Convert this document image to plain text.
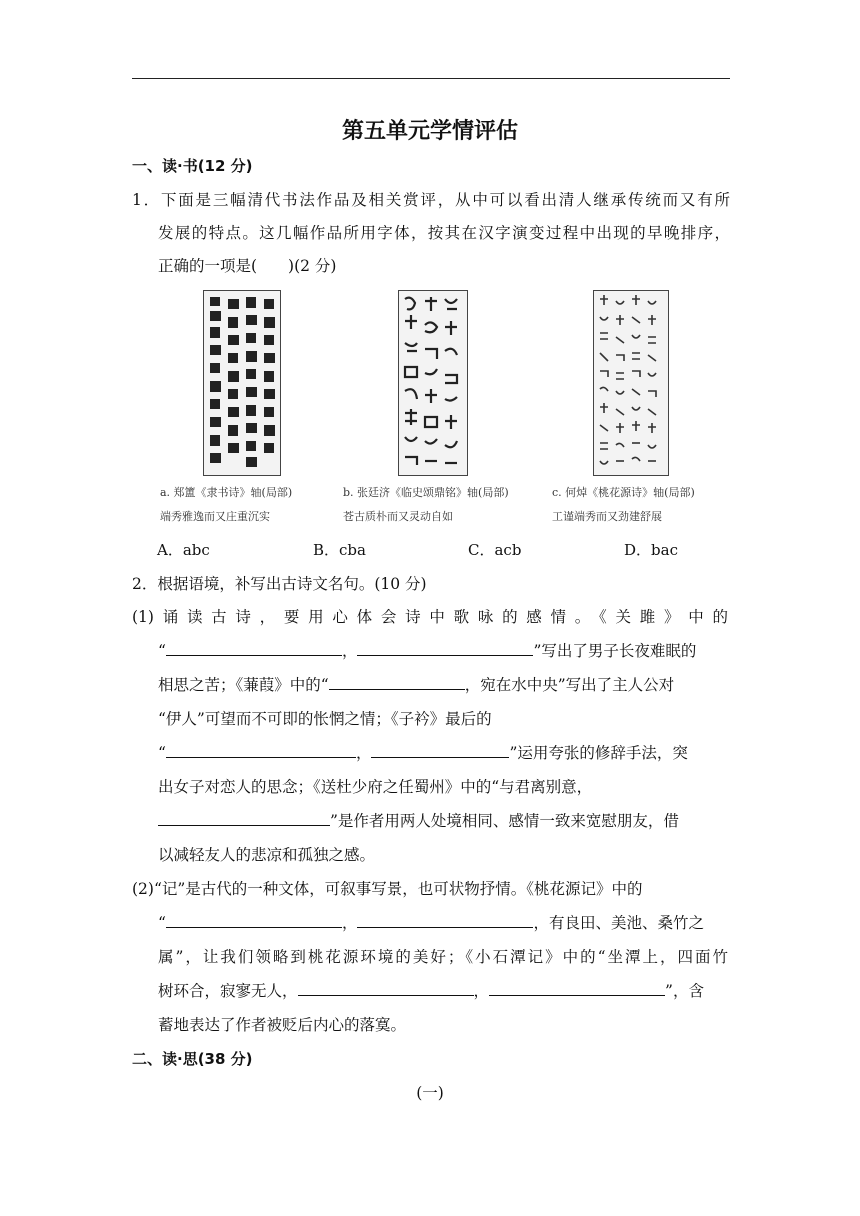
第五单元学情评估
一、读·书(12 分)
1．下面是三幅清代书法作品及相关赏评，从中可以看出清人继承传统而又有所
发展的特点。这几幅作品所用字体，按其在汉字演变过程中出现的早晚排序，
正确的一项是(　　)(2 分)
a. 郑簠《隶书诗》轴(局部)
端秀雅逸而又庄重沉实
b. 张廷济《临史颂鼎铭》轴(局部)
苍古质朴而又灵动自如
c. 何焯《桃花源诗》轴(局部)
工谨端秀而又劲建舒展
A．abc	B．cba	C．acb	D．bac
2．根据语境，补写出古诗文名句。(10 分)
(1)诵读古诗，要用心体会诗中歌咏的感情。《关雎》中的
“	，	”写出了男子长夜难眠的
相思之苦；《蒹葭》中的“	，宛在水中央”写出了主人公对
“伊人”可望而不可即的怅惘之情；《子衿》最后的
“	，	”运用夸张的修辞手法，突
出女子对恋人的思念；《送杜少府之任蜀州》中的“与君离别意，
”是作者用两人处境相同、感情一致来宽慰朋友，借
以减轻友人的悲凉和孤独之感。
(2)“记”是古代的一种文体，可叙事写景，也可状物抒情。《桃花源记》中的
“	，	，有良田、美池、桑竹之
属”，让我们领略到桃花源环境的美好；《小石潭记》中的“坐潭上，四面竹
树环合，寂寥无人，	，	”，含
蓄地表达了作者被贬后内心的落寞。
二、读·思(38 分)
(一)
